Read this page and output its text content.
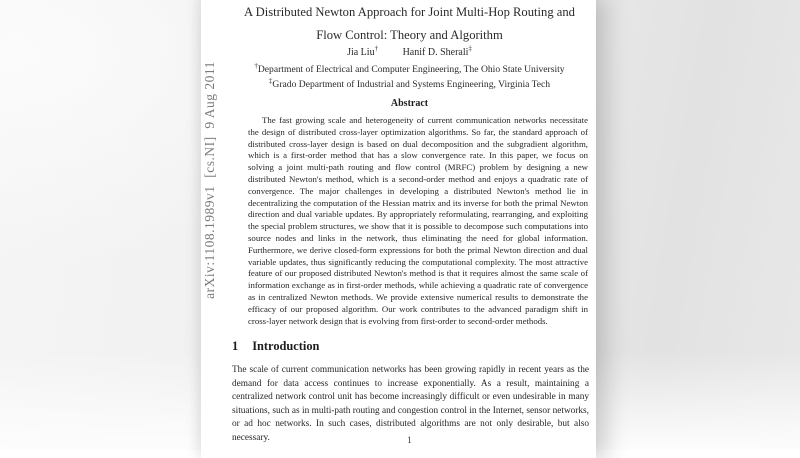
arXiv:1108.1989v1  [cs.NI]  9 Aug 2011
A Distributed Newton Approach for Joint Multi-Hop Routing and
Flow Control: Theory and Algorithm
Jia Liu† Hanif D. Sherali‡
†Department of Electrical and Computer Engineering, The Ohio State University
‡Grado Department of Industrial and Systems Engineering, Virginia Tech
Abstract
The fast growing scale and heterogeneity of current communication networks necessitate the design of distributed cross-layer optimization algorithms. So far, the standard approach of distributed cross-layer design is based on dual decomposition and the subgradient algorithm, which is a first-order method that has a slow convergence rate. In this paper, we focus on solving a joint multi-path routing and flow control (MRFC) problem by designing a new distributed Newton's method, which is a second-order method and enjoys a quadratic rate of convergence. The major challenges in developing a distributed Newton's method lie in decentralizing the computation of the Hessian matrix and its inverse for both the primal Newton direction and dual variable updates. By appropriately reformulating, rearranging, and exploiting the special problem structures, we show that it is possible to decompose such computations into source nodes and links in the network, thus eliminating the need for global information. Furthermore, we derive closed-form expressions for both the primal Newton direction and dual variable updates, thus significantly reducing the computational complexity. The most attractive feature of our proposed distributed Newton's method is that it requires almost the same scale of information exchange as in first-order methods, while achieving a quadratic rate of convergence as in centralized Newton methods. We provide extensive numerical results to demonstrate the efficacy of our proposed algorithm. Our work contributes to the advanced paradigm shift in cross-layer network design that is evolving from first-order to second-order methods.
1 Introduction
The scale of current communication networks has been growing rapidly in recent years as the demand for data access continues to increase exponentially. As a result, maintaining a centralized network control unit has become increasingly difficult or even undesirable in many situations, such as in multi-path routing and congestion control in the Internet, sensor networks, or ad hoc networks. In such cases, distributed algorithms are not only desirable, but also necessary.	1
